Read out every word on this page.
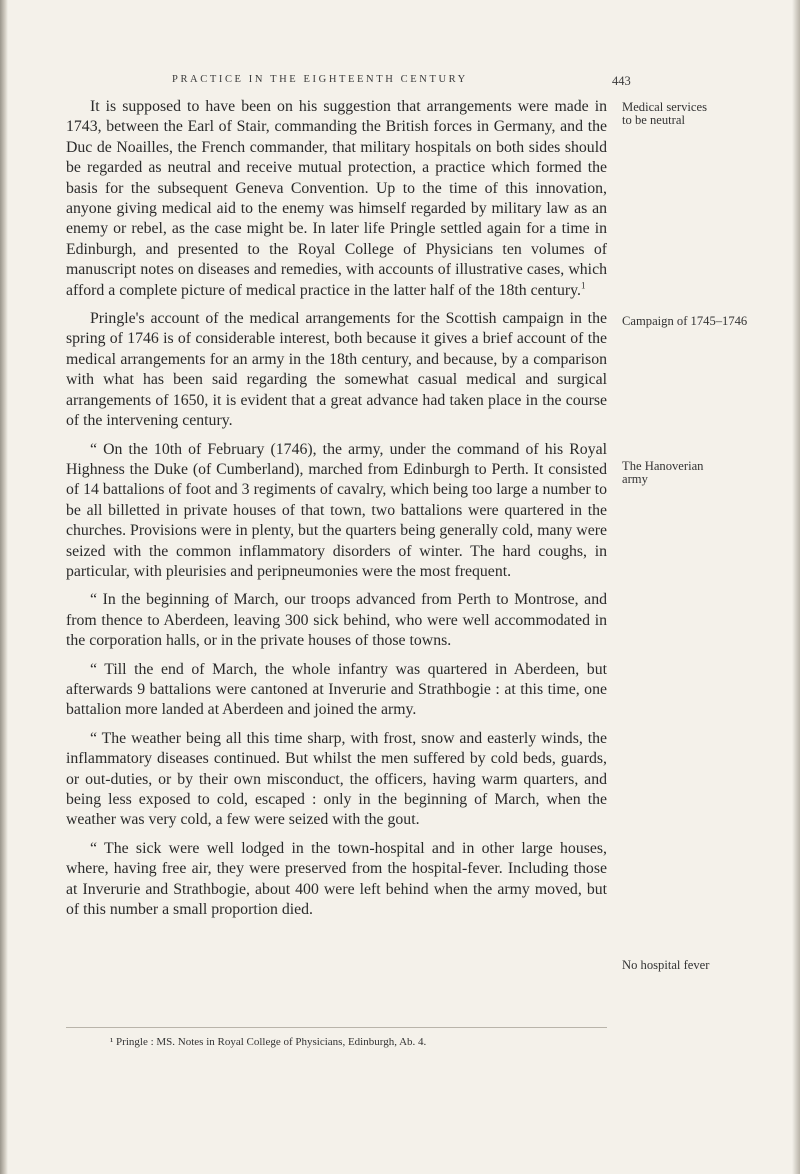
PRACTICE IN THE EIGHTEENTH CENTURY	443

It is supposed to have been on his suggestion that arrangements were made in 1743, between the Earl of Stair, commanding the British forces in Germany, and the Duc de Noailles, the French commander, that military hospitals on both sides should be regarded as neutral and receive mutual protection, a practice which formed the basis for the subsequent Geneva Convention. Up to the time of this innovation, anyone giving medical aid to the enemy was himself regarded by military law as an enemy or rebel, as the case might be. In later life Pringle settled again for a time in Edinburgh, and presented to the Royal College of Physicians ten volumes of manuscript notes on diseases and remedies, with accounts of illustrative cases, which afford a complete picture of medical practice in the latter half of the 18th century.$^1$

Pringle's account of the medical arrangements for the Scottish campaign in the spring of 1746 is of considerable interest, both because it gives a brief account of the medical arrangements for an army in the 18th century, and because, by a comparison with what has been said regarding the somewhat casual medical and surgical arrangements of 1650, it is evident that a great advance had taken place in the course of the intervening century.

“ On the 10th of February (1746), the army, under the command of his Royal Highness the Duke (of Cumberland), marched from Edinburgh to Perth. It consisted of 14 battalions of foot and 3 regiments of cavalry, which being too large a number to be all billetted in private houses of that town, two battalions were quartered in the churches. Provisions were in plenty, but the quarters being generally cold, many were seized with the common inflammatory disorders of winter. The hard coughs, in particular, with pleurisies and peripneumonies were the most frequent.

“ In the beginning of March, our troops advanced from Perth to Montrose, and from thence to Aberdeen, leaving 300 sick behind, who were well accommodated in the corporation halls, or in the private houses of those towns.

“ Till the end of March, the whole infantry was quartered in Aberdeen, but afterwards 9 battalions were cantoned at Inverurie and Strathbogie : at this time, one battalion more landed at Aberdeen and joined the army.

“ The weather being all this time sharp, with frost, snow and easterly winds, the inflammatory diseases continued. But whilst the men suffered by cold beds, guards, or out-duties, or by their own misconduct, the officers, having warm quarters, and being less exposed to cold, escaped : only in the beginning of March, when the weather was very cold, a few were seized with the gout.

“ The sick were well lodged in the town-hospital and in other large houses, where, having free air, they were preserved from the hospital-fever. Including those at Inverurie and Strathbogie, about 400 were left behind when the army moved, but of this number a small proportion died.

Medical services to be neutral
Campaign of 1745–1746
The Hanoverian army
No hospital fever
¹ Pringle : MS. Notes in Royal College of Physicians, Edinburgh, Ab. 4.
